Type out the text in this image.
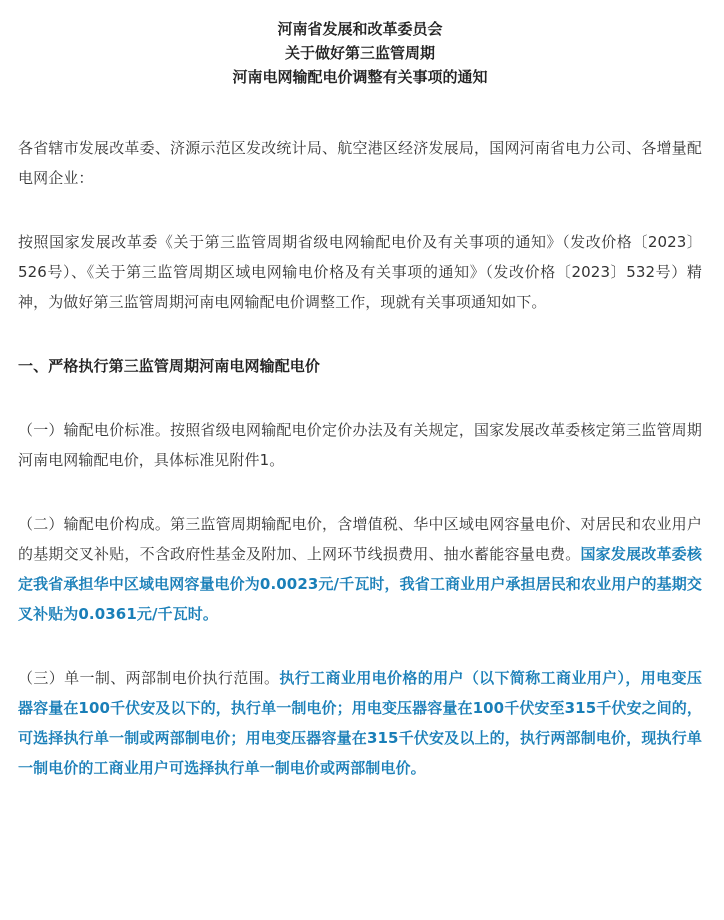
河南省发展和改革委员会

关于做好第三监管周期

河南电网输配电价调整有关事项的通知

各省辖市发展改革委、济源示范区发改统计局、航空港区经济发展局，国网河南省电力公司、各增量配电网企业：

按照国家发展改革委《关于第三监管周期省级电网输配电价及有关事项的通知》（发改价格〔2023〕526号）、《关于第三监管周期区域电网输电价格及有关事项的通知》（发改价格〔2023〕532号）精神，为做好第三监管周期河南电网输配电价调整工作，现就有关事项通知如下。

一、严格执行第三监管周期河南电网输配电价

（一）输配电价标准。按照省级电网输配电价定价办法及有关规定，国家发展改革委核定第三监管周期河南电网输配电价，具体标准见附件1。

（二）输配电价构成。第三监管周期输配电价，含增值税、华中区域电网容量电价、对居民和农业用户的基期交叉补贴，不含政府性基金及附加、上网环节线损费用、抽水蓄能容量电费。国家发展改革委核定我省承担华中区域电网容量电价为0.0023元/千瓦时，我省工商业用户承担居民和农业用户的基期交叉补贴为0.0361元/千瓦时。

（三）单一制、两部制电价执行范围。执行工商业用电价格的用户（以下简称工商业用户），用电变压器容量在100千伏安及以下的，执行单一制电价；用电变压器容量在100千伏安至315千伏安之间的，可选择执行单一制或两部制电价；用电变压器容量在315千伏安及以上的，执行两部制电价，现执行单一制电价的工商业用户可选择执行单一制电价或两部制电价。
